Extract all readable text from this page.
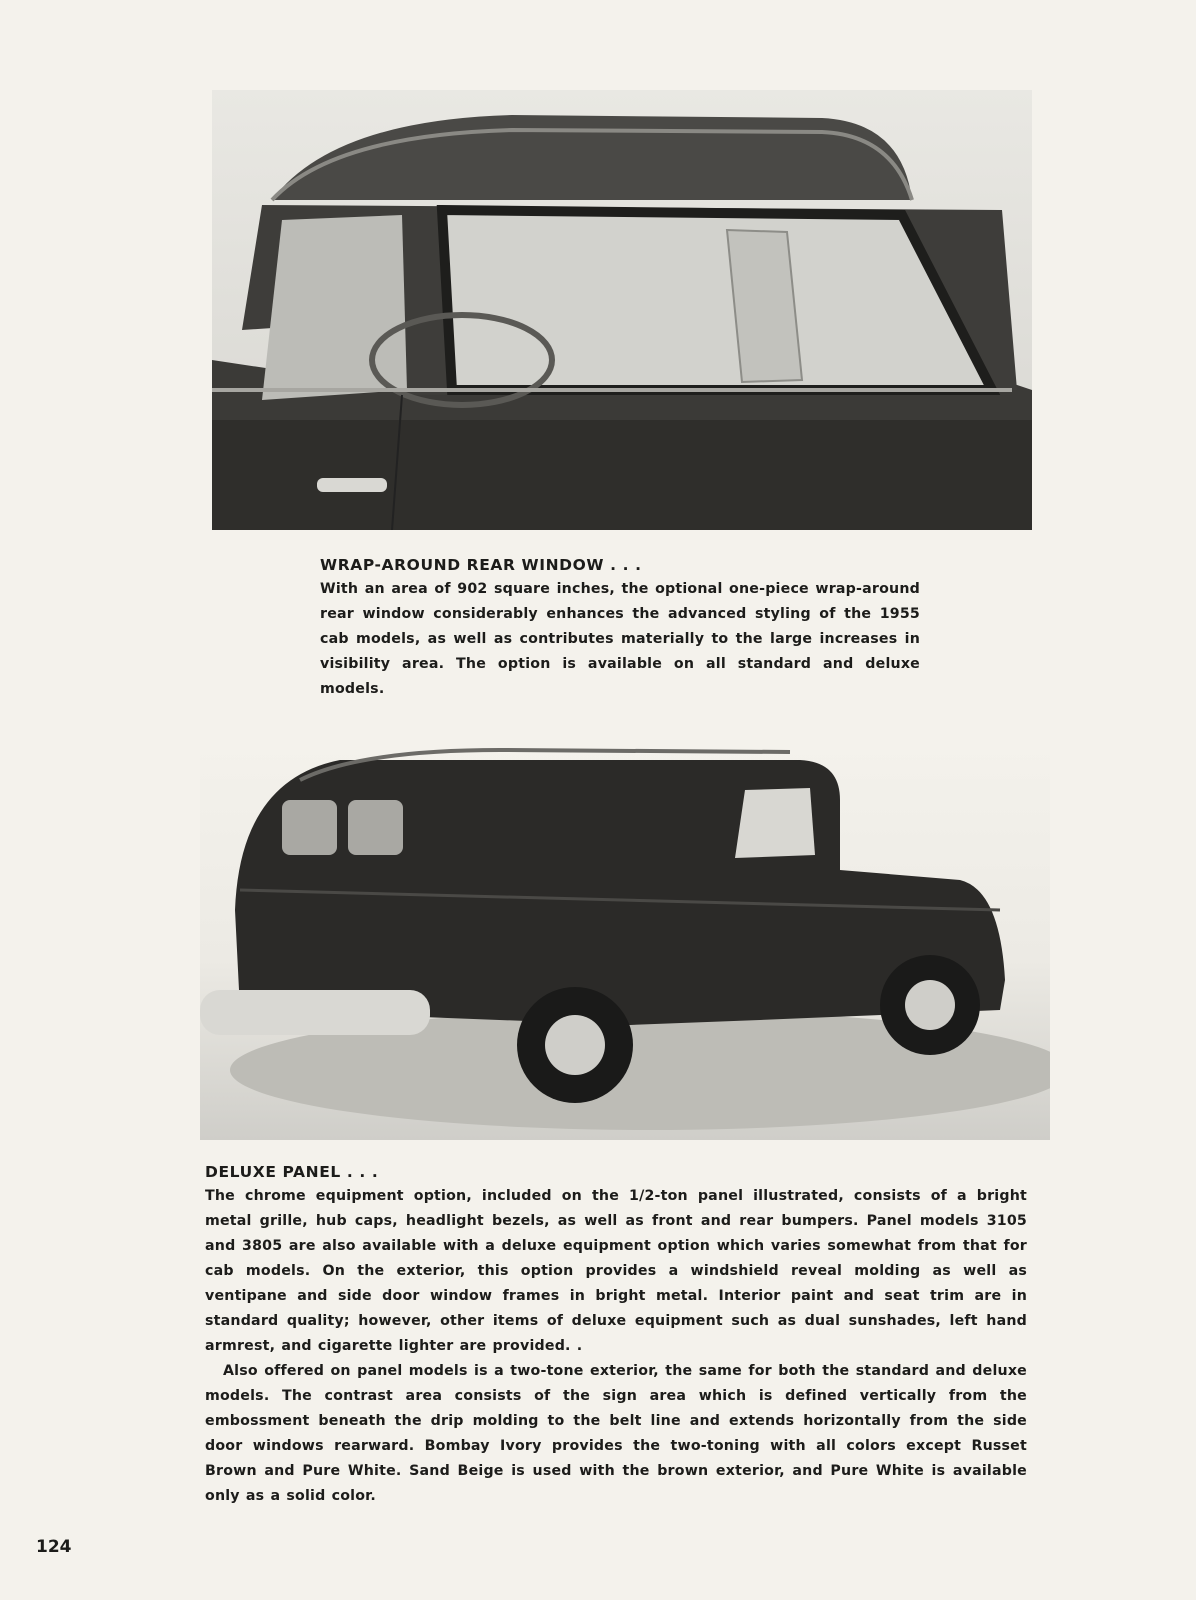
WRAP-AROUND REAR WINDOW . . .

With an area of 902 square inches, the optional one-piece wrap-around rear window considerably enhances the advanced styling of the 1955 cab models, as well as contributes materially to the large increases in visibility area. The option is available on all standard and deluxe models.

DELUXE PANEL . . .

The chrome equipment option, included on the 1/2-ton panel illustrated, consists of a bright metal grille, hub caps, headlight bezels, as well as front and rear bumpers. Panel models 3105 and 3805 are also available with a deluxe equipment option which varies somewhat from that for cab models. On the exterior, this option provides a windshield reveal molding as well as ventipane and side door window frames in bright metal. Interior paint and seat trim are in standard quality; however, other items of deluxe equipment such as dual sunshades, left hand armrest, and cigarette lighter are provided. .

Also offered on panel models is a two-tone exterior, the same for both the standard and deluxe models. The contrast area consists of the sign area which is defined vertically from the embossment beneath the drip molding to the belt line and extends horizontally from the side door windows rearward. Bombay Ivory provides the two-toning with all colors except Russet Brown and Pure White. Sand Beige is used with the brown exterior, and Pure White is available only as a solid color.

124
